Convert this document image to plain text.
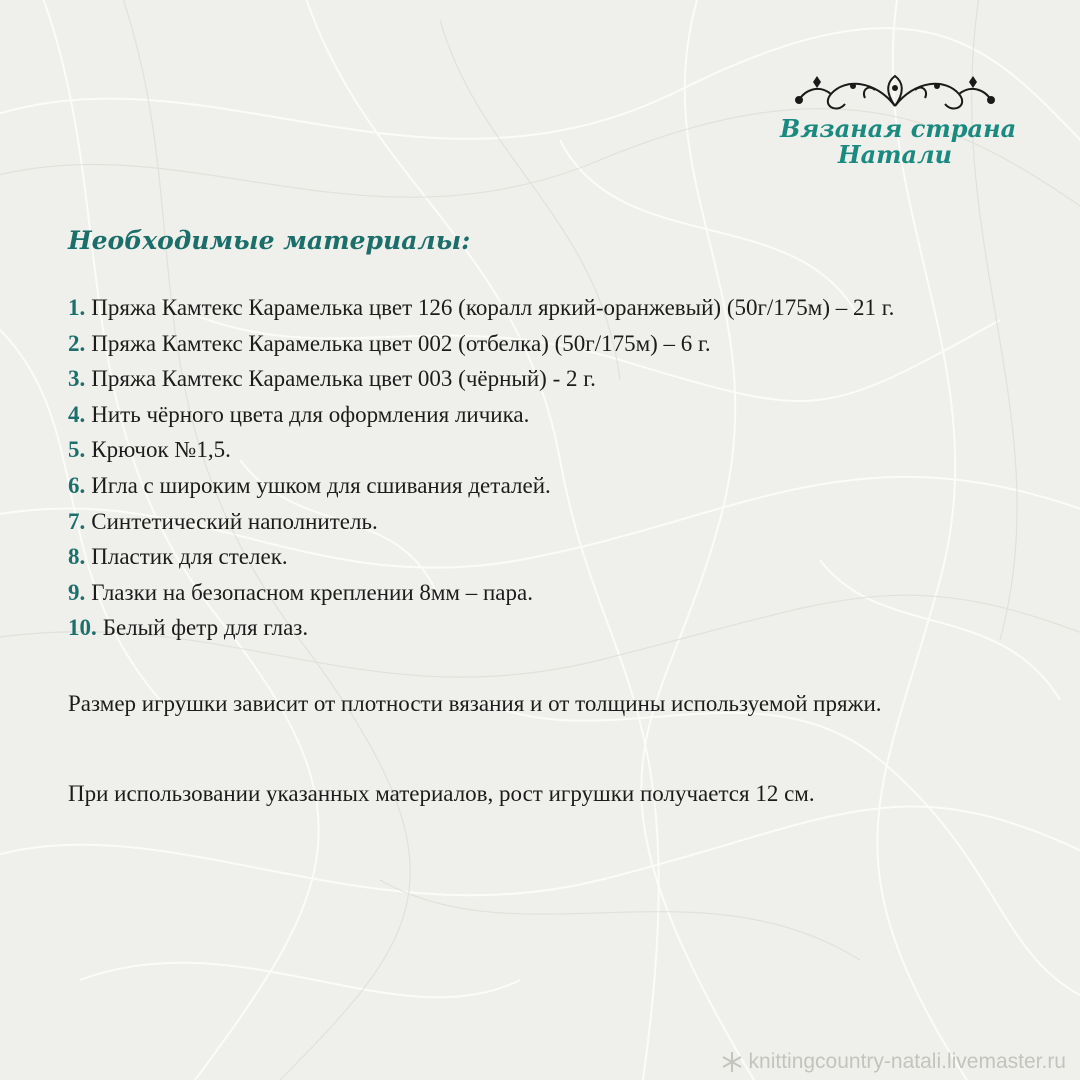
Вязаная страна
Натали
Необходимые материалы:
1. Пряжа Камтекс Карамелька цвет 126 (коралл яркий-оранжевый) (50г/175м) – 21 г.
2. Пряжа Камтекс Карамелька цвет 002 (отбелка) (50г/175м) – 6 г.
3. Пряжа Камтекс Карамелька цвет 003 (чёрный) - 2 г.
4. Нить чёрного цвета для оформления личика.
5. Крючок №1,5.
6. Игла с широким ушком для сшивания деталей.
7. Синтетический наполнитель.
8. Пластик для стелек.
9. Глазки на безопасном креплении 8мм – пара.
10. Белый фетр для глаз.

Размер игрушки зависит от плотности вязания и от толщины используемой пряжи.

При использовании указанных материалов, рост игрушки получается 12 см.

knittingcountry-natali.livemaster.ru
